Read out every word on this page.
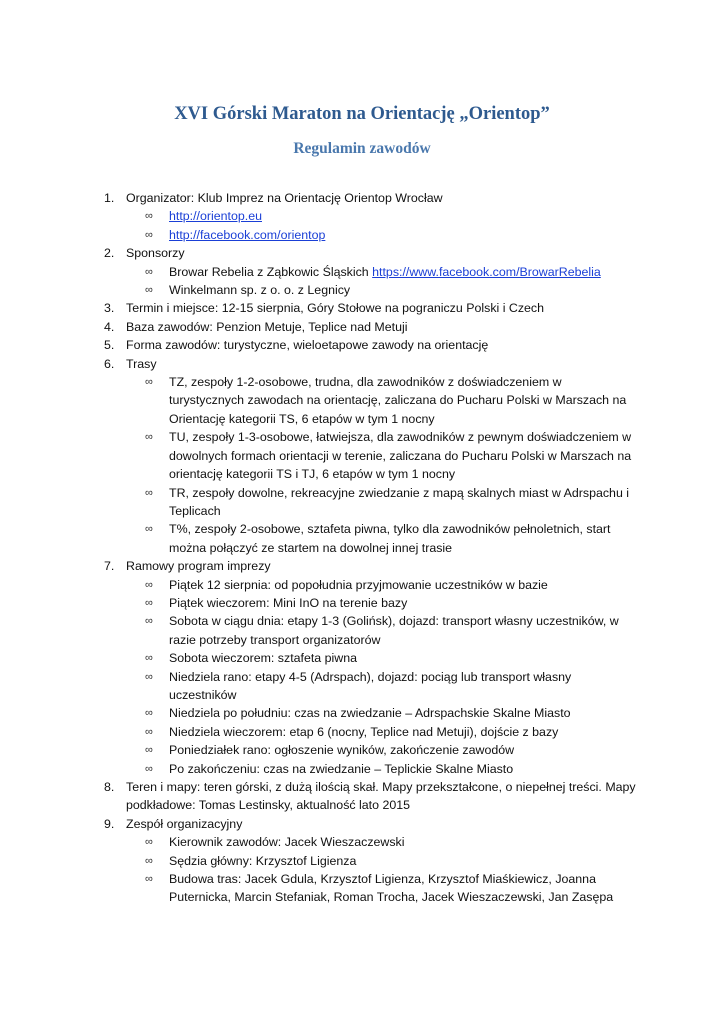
XVI Górski Maraton na Orientację „Orientop”
Regulamin zawodów
1. Organizator: Klub Imprez na Orientację Orientop Wrocław
∞ http://orientop.eu
∞ http://facebook.com/orientop
2. Sponsorzy
∞ Browar Rebelia z Ząbkowic Śląskich https://www.facebook.com/BrowarRebelia
∞ Winkelmann sp. z o. o. z Legnicy
3. Termin i miejsce: 12-15 sierpnia, Góry Stołowe na pograniczu Polski i Czech
4. Baza zawodów: Penzion Metuje, Teplice nad Metuji
5. Forma zawodów: turystyczne, wieloetapowe zawody na orientację
6. Trasy
∞ TZ, zespoły 1-2-osobowe, trudna, dla zawodników z doświadczeniem w turystycznych zawodach na orientację, zaliczana do Pucharu Polski w Marszach na Orientację kategorii TS, 6 etapów w tym 1 nocny
∞ TU, zespoły 1-3-osobowe, łatwiejsza, dla zawodników z pewnym doświadczeniem w dowolnych formach orientacji w terenie, zaliczana do Pucharu Polski w Marszach na orientację kategorii TS i TJ, 6 etapów w tym 1 nocny
∞ TR, zespoły dowolne, rekreacyjne zwiedzanie z mapą skalnych miast w Adrspachu i Teplicach
∞ T%, zespoły 2-osobowe, sztafeta piwna, tylko dla zawodników pełnoletnich, start można połączyć ze startem na dowolnej innej trasie
7. Ramowy program imprezy
∞ Piątek 12 sierpnia: od popołudnia przyjmowanie uczestników w bazie
∞ Piątek wieczorem: Mini InO na terenie bazy
∞ Sobota w ciągu dnia: etapy 1-3 (Golińsk), dojazd: transport własny uczestników, w razie potrzeby transport organizatorów
∞ Sobota wieczorem: sztafeta piwna
∞ Niedziela rano: etapy 4-5 (Adrspach), dojazd: pociąg lub transport własny uczestników
∞ Niedziela po południu: czas na zwiedzanie – Adrspachskie Skalne Miasto
∞ Niedziela wieczorem: etap 6 (nocny, Teplice nad Metuji), dojście z bazy
∞ Poniedziałek rano: ogłoszenie wyników, zakończenie zawodów
∞ Po zakończeniu: czas na zwiedzanie – Teplickie Skalne Miasto
8. Teren i mapy: teren górski, z dużą ilością skał. Mapy przekształcone, o niepełnej treści. Mapy podkładowe: Tomas Lestinsky, aktualność lato 2015
9. Zespół organizacyjny
∞ Kierownik zawodów: Jacek Wieszaczewski
∞ Sędzia główny: Krzysztof Ligienza
∞ Budowa tras: Jacek Gdula, Krzysztof Ligienza, Krzysztof Miaśkiewicz, Joanna Puternicka, Marcin Stefaniak, Roman Trocha, Jacek Wieszaczewski, Jan Zasępa
